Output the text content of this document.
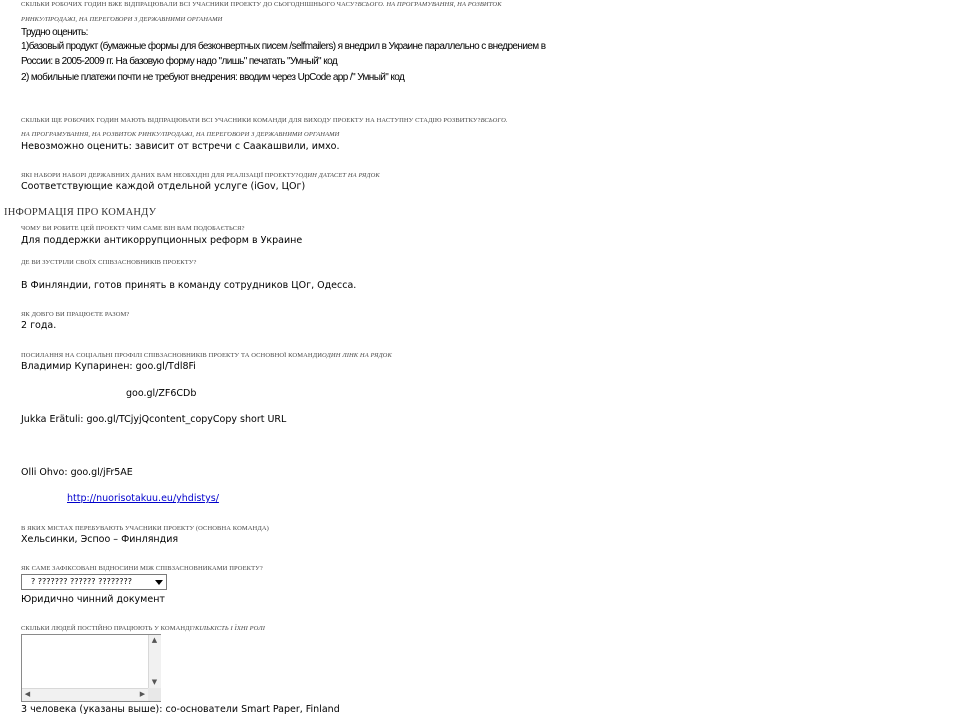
СКІЛЬКИ РОБОЧИХ ГОДИН ВЖЕ ВІДПРАЦЮВАЛИ ВСІ УЧАСНИКИ ПРОЕКТУ ДО СЬОГОДНІШНЬОГО ЧАСУ?ВСЬОГО. НА ПРОГРАМУВАННЯ, НА РОЗВИТОК
РИНКУ/ПРОДАЖІ, НА ПЕРЕГОВОРИ З ДЕРЖАВНИМИ ОРГАНАМИ
Трудно оценить:
1)базовый продукт (бумажные формы для безконвертных писем /selfmailers) я внедрил в Украине параллельно с внедрением в
России: в 2005-2009 гг. На базовую форму надо "лишь" печатать "Умный" код
2) мобильные платежи почти не требуют внедрения: вводим через UpCode app /" Умный" код
СКІЛЬКИ ЩЕ РОБОЧИХ ГОДИН МАЮТЬ ВІДПРАЦЮВАТИ ВСІ УЧАСНИКИ КОМАНДИ ДЛЯ ВИХОДУ ПРОЕКТУ НА НАСТУПНУ СТАДІЮ РОЗВИТКУ?ВСЬОГО.
НА ПРОГРАМУВАННЯ, НА РОЗВИТОК РИНКУ/ПРОДАЖІ, НА ПЕРЕГОВОРИ З ДЕРЖАВНИМИ ОРГАНАМИ
Невозможно оценить: зависит от встречи с Саакашвили, имхо.
ЯКІ НАБОРИ НАБОРІ ДЕРЖАВНИХ ДАНИХ ВАМ НЕОБХІДНІ ДЛЯ РЕАЛІЗАЦІЇ ПРОЕКТУ?ОДИН ДАТАСЕТ НА РЯДОК
Соответствующие каждой отдельной услуге (iGov, ЦОг)
ІНФОРМАЦІЯ ПРО КОМАНДУ
ЧОМУ ВИ РОБИТЕ ЦЕЙ ПРОЕКТ? ЧИМ САМЕ ВІН ВАМ ПОДОБАЄТЬСЯ?
Для поддержки антикоррупционных реформ в Украине
ДЕ ВИ ЗУСТРІЛИ СВОЇХ СПІВЗАСНОВНИКІВ ПРОЕКТУ?
В Финляндии, готов принять в команду сотрудников ЦОг, Одесса.
ЯК ДОВГО ВИ ПРАЦЮЄТЕ РАЗОМ?
2 года.
ПОСИЛАННЯ НА СОЦІАЛЬНІ ПРОФІЛІ СПІВЗАСНОВНИКІВ ПРОЕКТУ ТА ОСНОВНОЇ КОМАНДИОДИН ЛІНК НА РЯДОК
Владимир Купаринен: goo.gl/Tdl8Fi
goo.gl/ZF6CDb
Jukka Erätuli: goo.gl/TCjyjQcontent_copyCopy short URL
Olli Ohvo: goo.gl/jFr5AE
http://nuorisotakuu.eu/yhdistys/
В ЯКИХ МІСТАХ ПЕРЕБУВАЮТЬ УЧАСНИКИ ПРОЕКТУ (ОСНОВНА КОМАНДА)
Хельсинки, Эспоо – Финляндия
ЯК САМЕ ЗАФІКСОВАНІ ВІДНОСИНИ МІЖ СПІВЗАСНОВНИКАМИ ПРОЕКТУ?
? ??????? ?????? ????????
Юридично чинний документ
СКІЛЬКИ ЛЮДЕЙ ПОСТІЙНО ПРАЦЮЮТЬ У КОМАНДІ?КІЛЬКІСТЬ І ЇХНІ РОЛІ
▲
▼
◀	▶
3 человека (указаны выше): со-основатели Smart Paper, Finland
